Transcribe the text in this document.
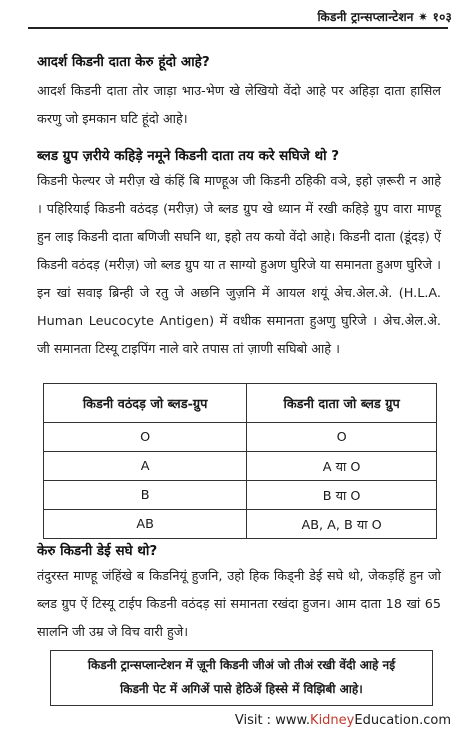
किडनी ट्रान्सप्लान्टेशन ✷ १०३
आदर्श किडनी दाता केरु हूंदो आहे?
आदर्श किडनी दाता तोर जाड़ा भाउ-भेण खे लेखियो वेंदो आहे पर अहिड़ा दाता हासिल करणु जो इमकान घटि हूंदो आहे।
ब्लड ग्रुप ज़रीये कहिड़े नमूने किडनी दाता तय करे सघिजे थो ?
किडनी फेल्यर जे मरीज़ खे कंहिं बि माण्हूअ जी किडनी ठहिकी वञे, इहो ज़रूरी न आहे । पहिरियाई किडनी वठंदड़ (मरीज़) जे ब्लड ग्रुप खे ध्यान में रखी कहिड़े ग्रुप वारा माण्हू हुन लाइ किडनी दाता बणिजी सघनि था, इहो तय कयो वेंदो आहे। किडनी दाता (डूंदड़) ऐं किडनी वठंदड़ (मरीज़) जो ब्लड ग्रुप या त साग्यो हुअण घुरिजे या समानता हुअण घुरिजे । इन खां सवाइ ब्रिन्ही जे रतु जे अछनि जुज़नि में आयल शयूं अेच.अेल.अे. (H.L.A. Human Leucocyte Antigen) में वधीक समानता हुअणु घुरिजे । अेच.अेल.अे. जी समानता टिस्यू टाइपिंग नाले वारे तपास तां ज़ाणी सघिबो आहे ।
किडनी वठंदड़ जो ब्लड-ग्रुप	किडनी दाता जो ब्लड ग्रुप
O	O
A	A या O
B	B या O
AB	AB, A, B या O
केरु किडनी डेई सघे थो?
तंदुरस्त माण्हू जंहिंखे ब किडनियूं हुजनि, उहो हिक किड्नी डेई सघे थो, जेकड़हिं हुन जो ब्लड ग्रुप ऐं टिस्यू टाईप किडनी वठंदड़ सां समानता रखंदा हुजन। आम दाता 18 खां 65 सालनि जी उम्र जे विच वारी हुजे।
किडनी ट्रान्सप्लान्टेशन में ज़ूनी किडनी जीअं जो तीअं रखी वेंदी आहे नई
किडनी पेट में अगिअें पासे हेठिअें हिस्से में विझिबी आहे।
Visit : www.KidneyEducation.com
